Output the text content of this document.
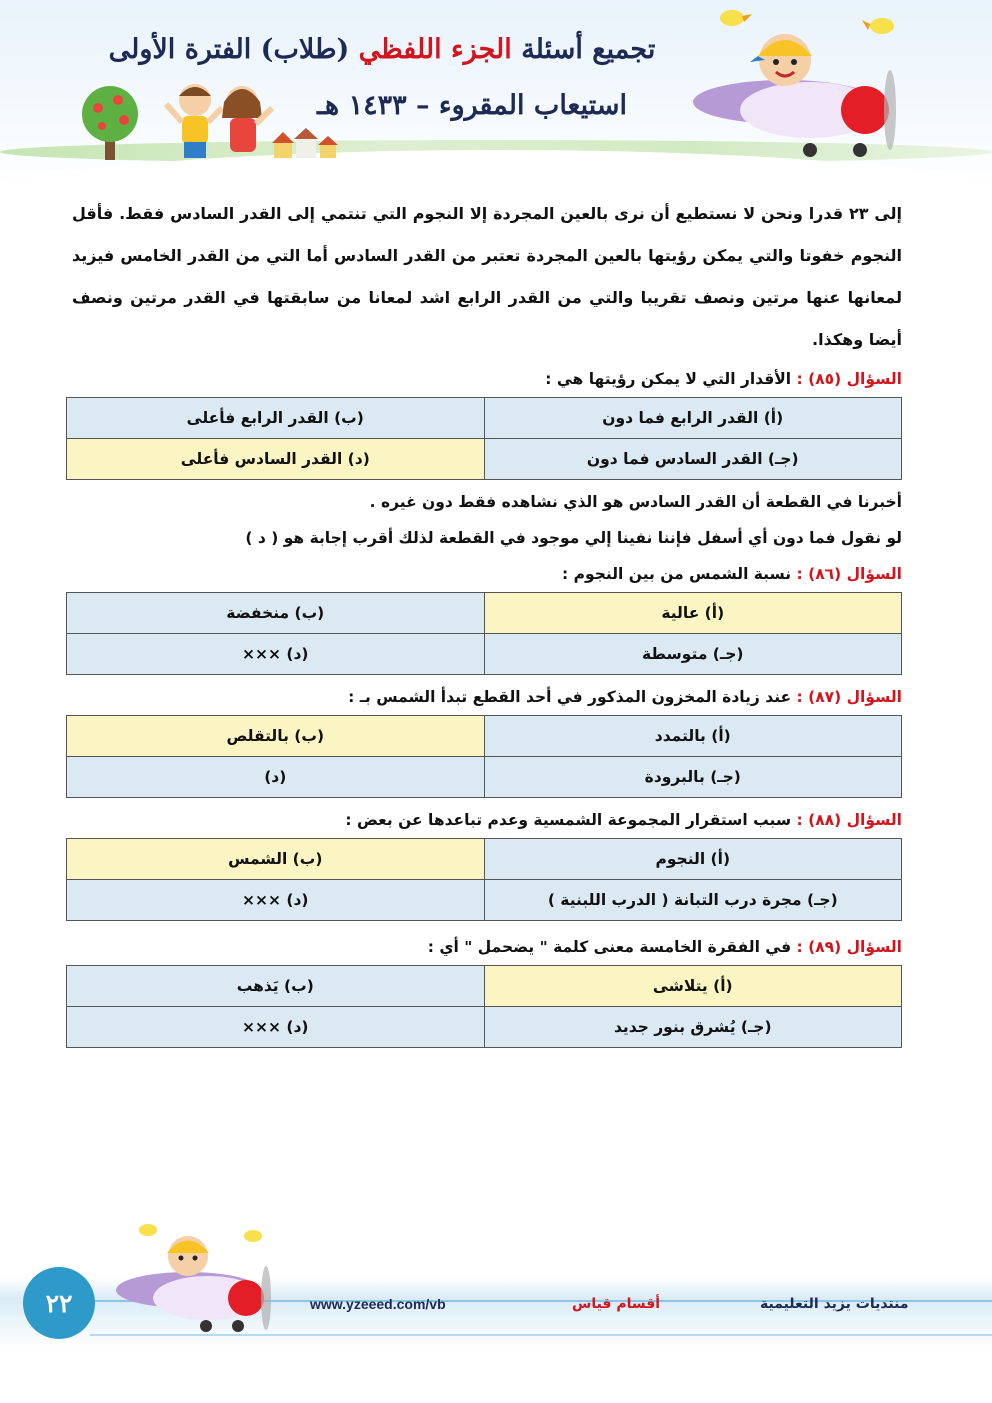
تجميع أسئلة الجزء اللفظي (طلاب) الفترة الأولى
استيعاب المقروء – ١٤٣٣ هـ

إلى ٢٣ قدرا ونحن لا نستطيع أن نرى بالعين المجردة إلا النجوم التي تنتمي إلى القدر السادس فقط. فأقل النجوم خفوتا والتي يمكن رؤيتها بالعين المجردة تعتبر من القدر السادس أما التي من القدر الخامس فيزيد لمعانها عنها مرتين ونصف تقريبا والتي من القدر الرابع اشد لمعانا من سابقتها في القدر مرتين ونصف أيضا وهكذا.

السؤال (٨٥) : الأقدار التي لا يمكن رؤيتها هي :

(أ) القدر الرابع فما دون	(ب) القدر الرابع فأعلى
(جـ) القدر السادس فما دون	(د) القدر السادس فأعلى

أخبرنا في القطعة أن القدر السادس هو الذي نشاهده فقط دون غيره .

لو نقول فما دون أي أسفل فإننا نفينا إلي موجود في القطعة لذلك أقرب إجابة هو ( د )

السؤال (٨٦) : نسبة الشمس من بين النجوم :

(أ) عالية	(ب) منخفضة
(جـ) متوسطة	(د) ×××

السؤال (٨٧) : عند زيادة المخزون المذكور في أحد القطع تبدأ الشمس بـ :

(أ) بالتمدد	(ب) بالتقلص
(جـ) بالبرودة	(د)

السؤال (٨٨) : سبب استقرار المجموعة الشمسية وعدم تباعدها عن بعض :

(أ) النجوم	(ب) الشمس
(جـ) مجرة درب التبانة ( الدرب اللبنية )	(د) ×××

السؤال (٨٩) : في الفقرة الخامسة معنى كلمة " يضحمل " أي :

(أ) يتلاشى	(ب) يَذهب
(جـ) يُشرق بنور جديد	(د) ×××
٢٢	www.yzeeed.com/vb	أقسام قياس	منتديات يزيد التعليمية
